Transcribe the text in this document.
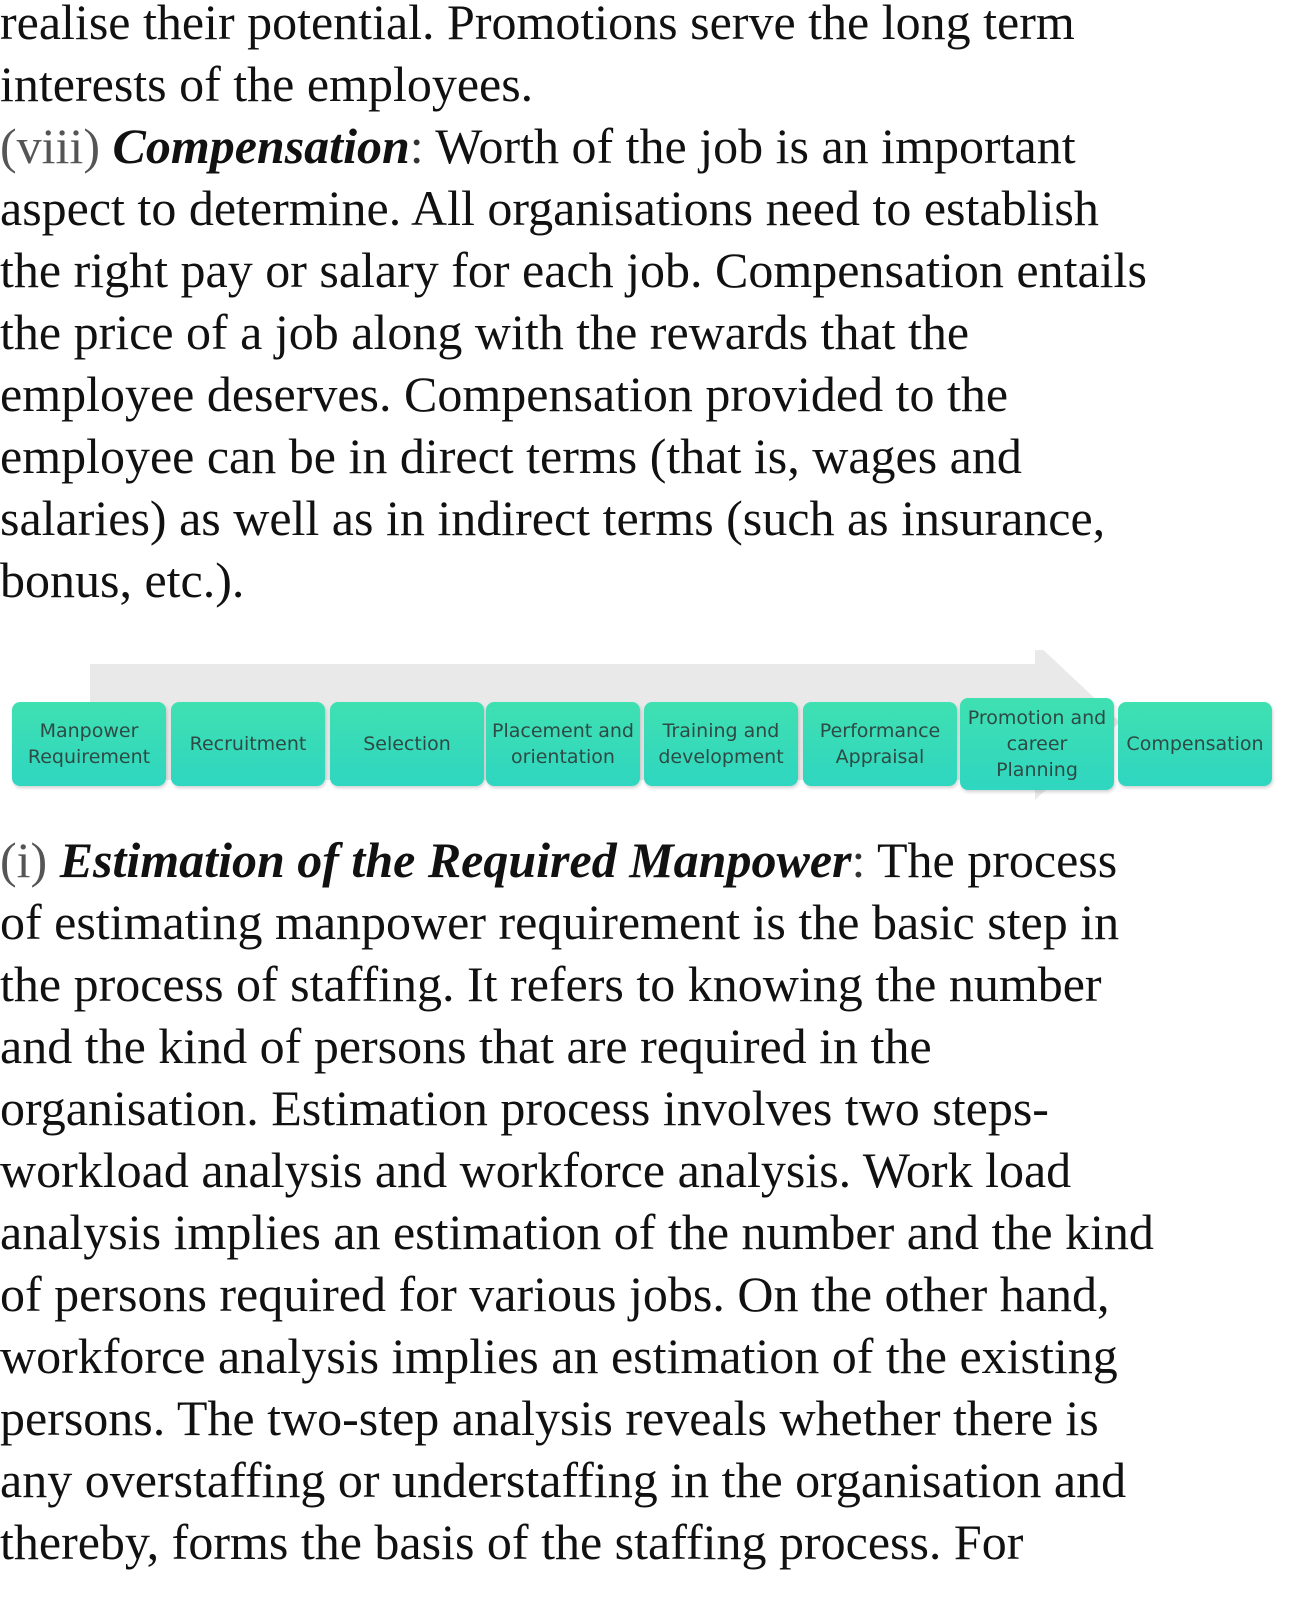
realise their potential. Promotions serve the long term
interests of the employees.
(viii) Compensation: Worth of the job is an important
aspect to determine. All organisations need to establish
the right pay or salary for each job. Compensation entails
the price of a job along with the rewards that the
employee deserves. Compensation provided to the
employee can be in direct terms (that is, wages and
salaries) as well as in indirect terms (such as insurance,
bonus, etc.).
Manpower
Requirement
Recruitment	Selection
Placement and
orientation
Training and
development
Performance
Appraisal
Promotion and
career
Planning
Compensation
(i) Estimation of the Required Manpower: The process
of estimating manpower requirement is the basic step in
the process of staffing. It refers to knowing the number
and the kind of persons that are required in the
organisation. Estimation process involves two steps-
workload analysis and workforce analysis. Work load
analysis implies an estimation of the number and the kind
of persons required for various jobs. On the other hand,
workforce analysis implies an estimation of the existing
persons. The two-step analysis reveals whether there is
any overstaffing or understaffing in the organisation and
thereby, forms the basis of the staffing process. For
